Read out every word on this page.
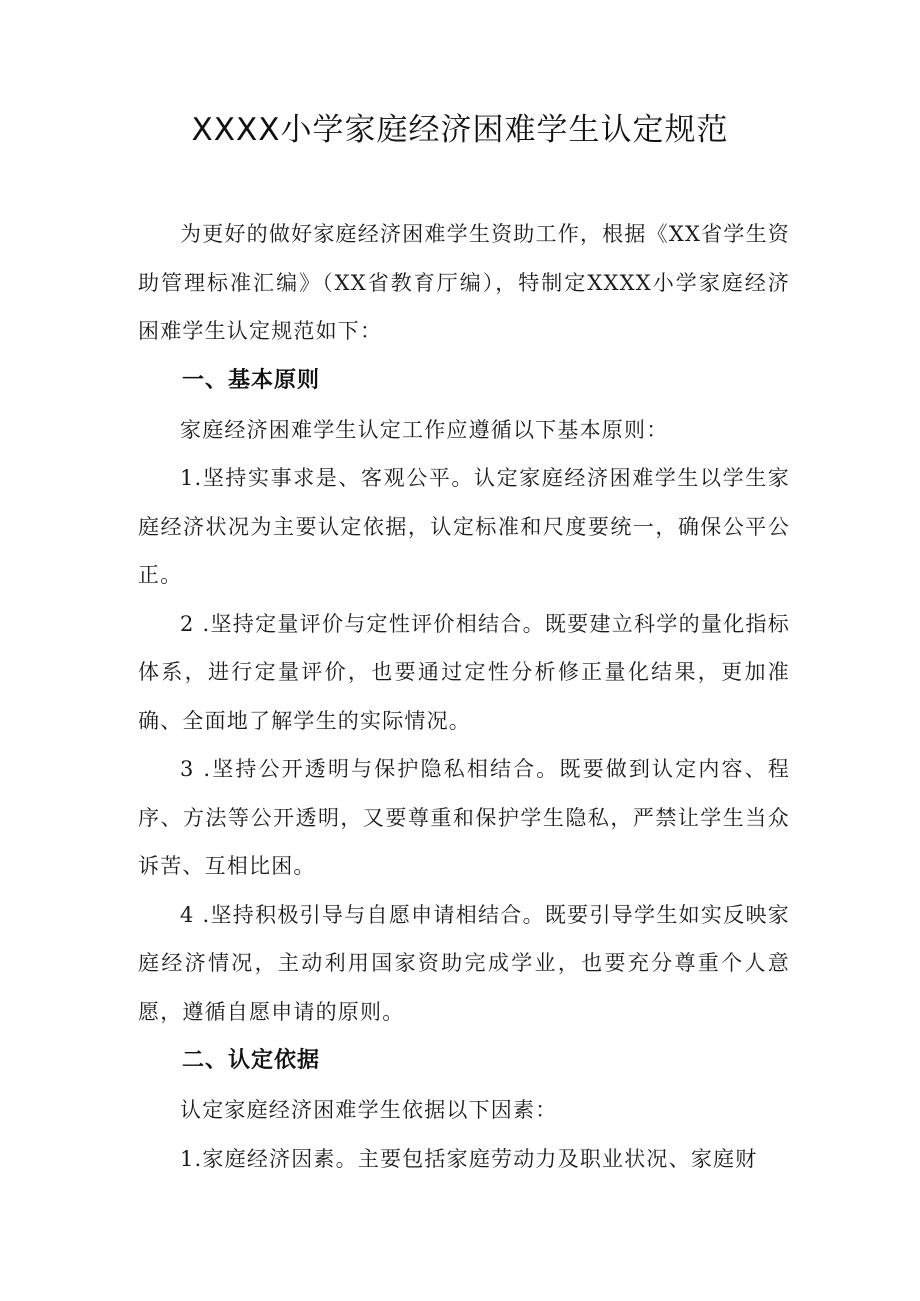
XXXX小学家庭经济困难学生认定规范

为更好的做好家庭经济困难学生资助工作，根据《XX省学生资助管理标准汇编》（XX省教育厅编），特制定XXXX小学家庭经济困难学生认定规范如下：

一、基本原则

家庭经济困难学生认定工作应遵循以下基本原则：

1.坚持实事求是、客观公平。认定家庭经济困难学生以学生家庭经济状况为主要认定依据，认定标准和尺度要统一，确保公平公正。

2 .坚持定量评价与定性评价相结合。既要建立科学的量化指标体系，进行定量评价，也要通过定性分析修正量化结果，更加准确、全面地了解学生的实际情况。

3 .坚持公开透明与保护隐私相结合。既要做到认定内容、程序、方法等公开透明，又要尊重和保护学生隐私，严禁让学生当众诉苦、互相比困。

4 .坚持积极引导与自愿申请相结合。既要引导学生如实反映家庭经济情况，主动利用国家资助完成学业，也要充分尊重个人意愿，遵循自愿申请的原则。

二、认定依据

认定家庭经济困难学生依据以下因素：

1.家庭经济因素。主要包括家庭劳动力及职业状况、家庭财
